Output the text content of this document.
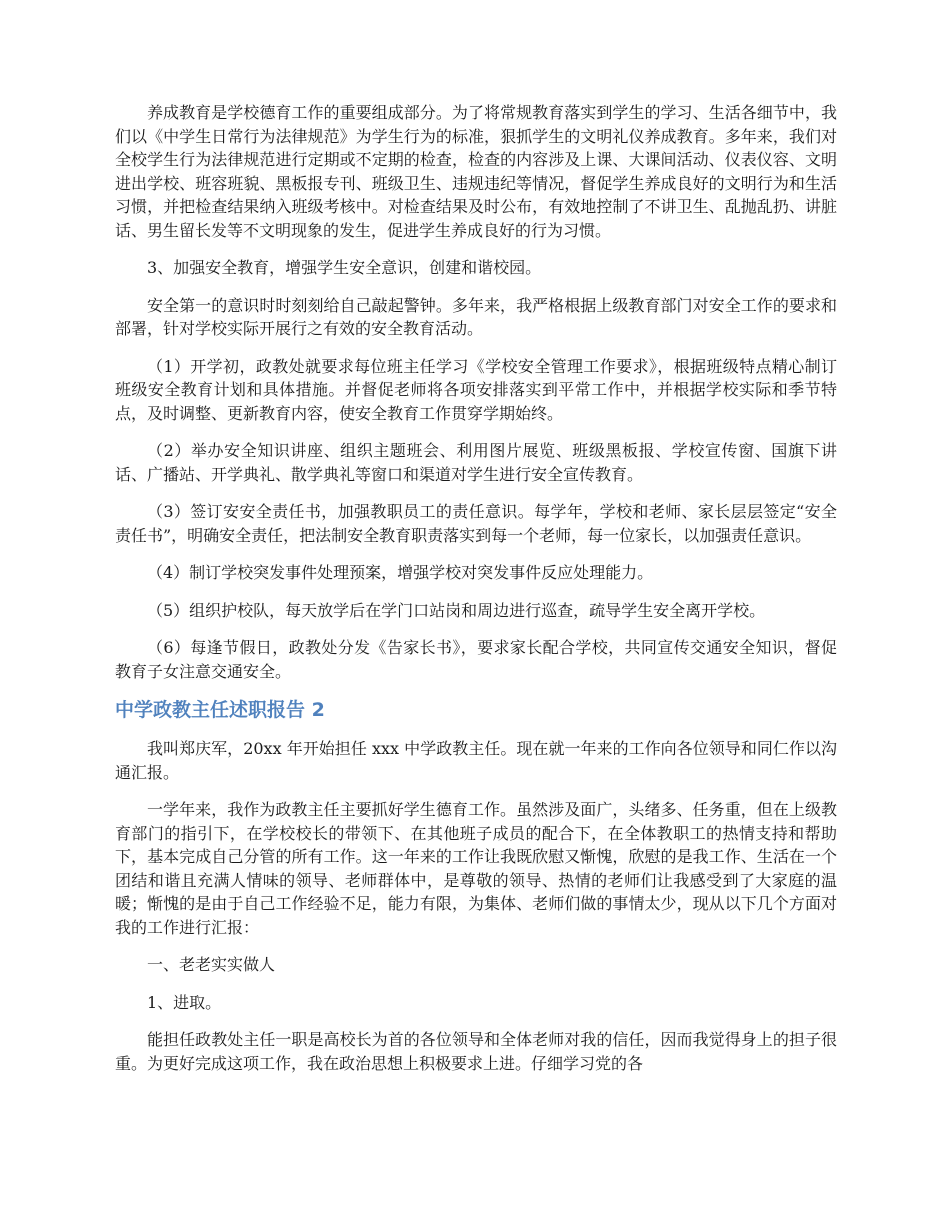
养成教育是学校德育工作的重要组成部分。为了将常规教育落实到学生的学习、生活各细节中，我们以《中学生日常行为法律规范》为学生行为的标准，狠抓学生的文明礼仪养成教育。多年来，我们对全校学生行为法律规范进行定期或不定期的检查，检查的内容涉及上课、大课间活动、仪表仪容、文明进出学校、班容班貌、黑板报专刊、班级卫生、违规违纪等情况，督促学生养成良好的文明行为和生活习惯，并把检查结果纳入班级考核中。对检查结果及时公布，有效地控制了不讲卫生、乱抛乱扔、讲脏话、男生留长发等不文明现象的发生，促进学生养成良好的行为习惯。

3、加强安全教育，增强学生安全意识，创建和谐校园。

安全第一的意识时时刻刻给自己敲起警钟。多年来，我严格根据上级教育部门对安全工作的要求和部署，针对学校实际开展行之有效的安全教育活动。

（1）开学初，政教处就要求每位班主任学习《学校安全管理工作要求》，根据班级特点精心制订班级安全教育计划和具体措施。并督促老师将各项安排落实到平常工作中，并根据学校实际和季节特点，及时调整、更新教育内容，使安全教育工作贯穿学期始终。

（2）举办安全知识讲座、组织主题班会、利用图片展览、班级黑板报、学校宣传窗、国旗下讲话、广播站、开学典礼、散学典礼等窗口和渠道对学生进行安全宣传教育。

（3）签订安安全责任书，加强教职员工的责任意识。每学年，学校和老师、家长层层签定“安全责任书”，明确安全责任，把法制安全教育职责落实到每一个老师，每一位家长，以加强责任意识。

（4）制订学校突发事件处理预案，增强学校对突发事件反应处理能力。

（5）组织护校队，每天放学后在学门口站岗和周边进行巡查，疏导学生安全离开学校。

（6）每逢节假日，政教处分发《告家长书》，要求家长配合学校，共同宣传交通安全知识，督促教育子女注意交通安全。

中学政教主任述职报告 2

我叫郑庆军，20xx 年开始担任 xxx 中学政教主任。现在就一年来的工作向各位领导和同仁作以沟通汇报。

一学年来，我作为政教主任主要抓好学生德育工作。虽然涉及面广，头绪多、任务重，但在上级教育部门的指引下，在学校校长的带领下、在其他班子成员的配合下，在全体教职工的热情支持和帮助下，基本完成自己分管的所有工作。这一年来的工作让我既欣慰又惭愧，欣慰的是我工作、生活在一个团结和谐且充满人情味的领导、老师群体中，是尊敬的领导、热情的老师们让我感受到了大家庭的温暖；惭愧的是由于自己工作经验不足，能力有限，为集体、老师们做的事情太少，现从以下几个方面对我的工作进行汇报：

一、老老实实做人

1、进取。

能担任政教处主任一职是高校长为首的各位领导和全体老师对我的信任，因而我觉得身上的担子很重。为更好完成这项工作，我在政治思想上积极要求上进。仔细学习党的各
